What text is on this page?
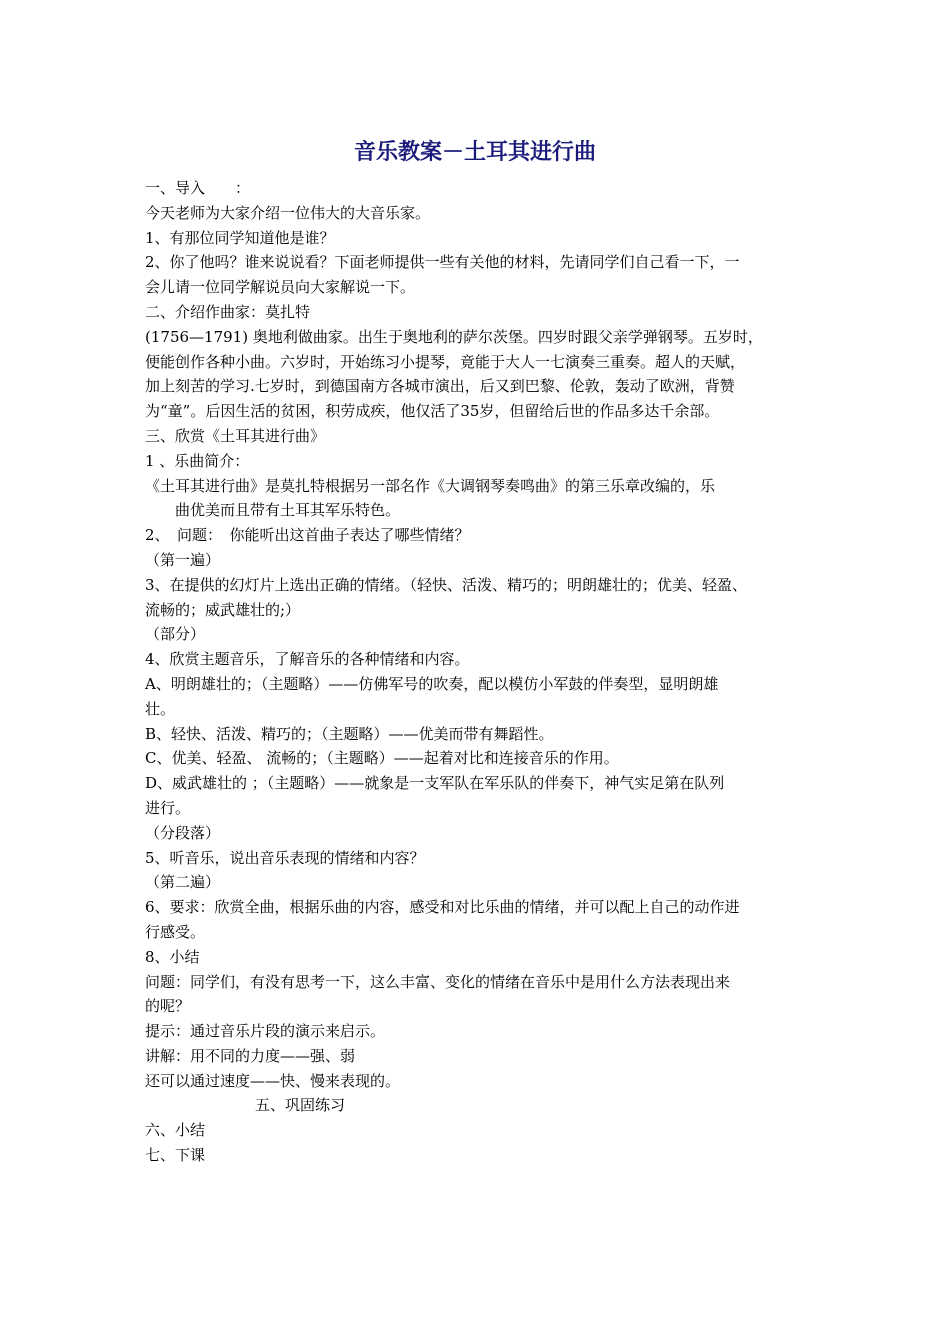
音乐教案－土耳其进行曲

一、导入　　：

今天老师为大家介绍一位伟大的大音乐家。

1、有那位同学知道他是谁？

2、你了他吗？谁来说说看？下面老师提供一些有关他的材料，先请同学们自己看一下，一

会儿请一位同学解说员向大家解说一下。

二、介绍作曲家：莫扎特

(1756—1791) 奥地利做曲家。出生于奥地利的萨尔茨堡。四岁时跟父亲学弹钢琴。五岁时，

便能创作各种小曲。六岁时，开始练习小提琴，竟能于大人一七演奏三重奏。超人的天赋，

加上刻苦的学习.七岁时，到德国南方各城市演出，后又到巴黎、伦敦，轰动了欧洲，背赞

为“童”。后因生活的贫困，积劳成疾，他仅活了35岁，但留给后世的作品多达千余部。

三、欣赏《土耳其进行曲》

1 、乐曲简介：

《土耳其进行曲》是莫扎特根据另一部名作《大调钢琴奏鸣曲》的第三乐章改编的，乐

曲优美而且带有土耳其军乐特色。

2、　问题：　你能听出这首曲子表达了哪些情绪？

（第一遍）

3、在提供的幻灯片上选出正确的情绪。（轻快、活泼、精巧的；明朗雄壮的；优美、轻盈、

流畅的；威武雄壮的;）

（部分）

4、欣赏主题音乐，了解音乐的各种情绪和内容。

A、明朗雄壮的；（主题略）——仿佛军号的吹奏，配以模仿小军鼓的伴奏型，显明朗雄

壮。

B、轻快、活泼、精巧的；（主题略）——优美而带有舞蹈性。

C、优美、轻盈、 流畅的；（主题略）——起着对比和连接音乐的作用。

D、威武雄壮的 ；（主题略）——就象是一支军队在军乐队的伴奏下，神气实足第在队列

进行。

（分段落）

5、听音乐，说出音乐表现的情绪和内容？

（第二遍）

6、要求：欣赏全曲，根据乐曲的内容，感受和对比乐曲的情绪，并可以配上自己的动作进

行感受。

8、小结

问题：同学们，有没有思考一下，这么丰富、变化的情绪在音乐中是用什么方法表现出来

的呢？

提示：通过音乐片段的演示来启示。

讲解：用不同的力度——强、弱

还可以通过速度——快、慢来表现的。

五、巩固练习

六、小结

七、下课
